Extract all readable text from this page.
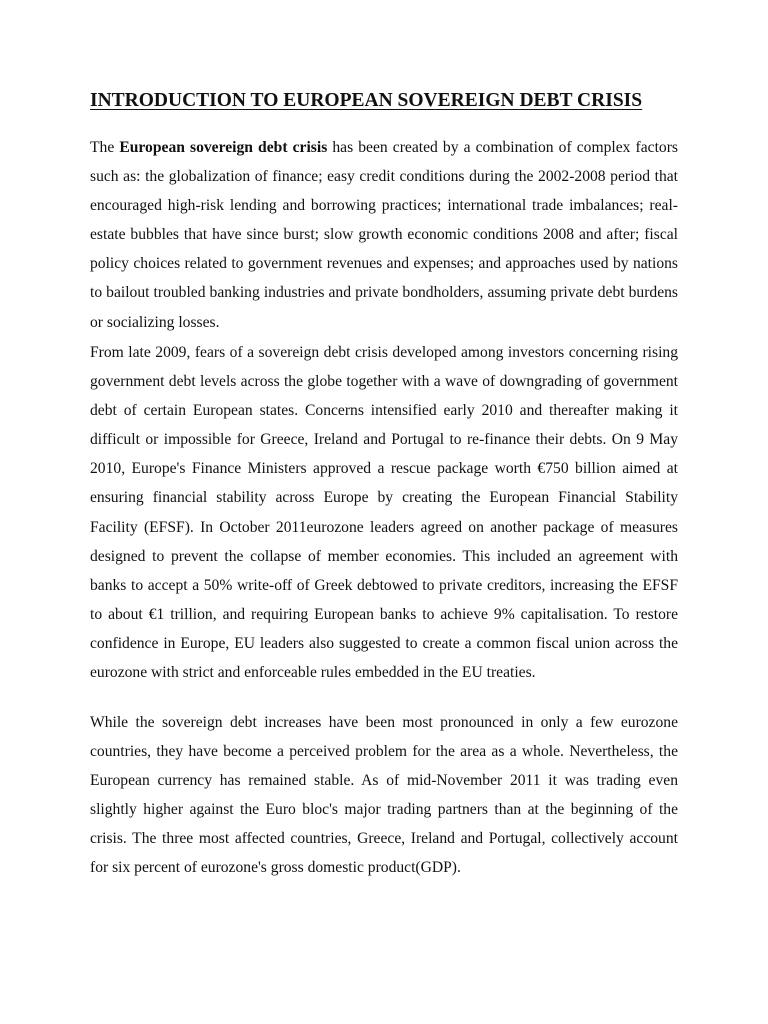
INTRODUCTION TO EUROPEAN SOVEREIGN DEBT CRISIS

The European sovereign debt crisis has been created by a combination of complex factors such as: the globalization of finance; easy credit conditions during the 2002-2008 period that encouraged high-risk lending and borrowing practices; international trade imbalances; real-estate bubbles that have since burst; slow growth economic conditions 2008 and after; fiscal policy choices related to government revenues and expenses; and approaches used by nations to bailout troubled banking industries and private bondholders, assuming private debt burdens or socializing losses.

From late 2009, fears of a sovereign debt crisis developed among investors concerning rising government debt levels across the globe together with a wave of downgrading of government debt of certain European states. Concerns intensified early 2010 and thereafter making it difficult or impossible for Greece, Ireland and Portugal to re-finance their debts. On 9 May 2010, Europe's Finance Ministers approved a rescue package worth €750 billion aimed at ensuring financial stability across Europe by creating the European Financial Stability Facility (EFSF). In October 2011eurozone leaders agreed on another package of measures designed to prevent the collapse of member economies. This included an agreement with banks to accept a 50% write-off of Greek debtowed to private creditors, increasing the EFSF to about €1 trillion, and requiring European banks to achieve 9% capitalisation. To restore confidence in Europe, EU leaders also suggested to create a common fiscal union across the eurozone with strict and enforceable rules embedded in the EU treaties.

While the sovereign debt increases have been most pronounced in only a few eurozone countries, they have become a perceived problem for the area as a whole. Nevertheless, the European currency has remained stable. As of mid-November 2011 it was trading even slightly higher against the Euro bloc's major trading partners than at the beginning of the crisis. The three most affected countries, Greece, Ireland and Portugal, collectively account for six percent of eurozone's gross domestic product(GDP).
